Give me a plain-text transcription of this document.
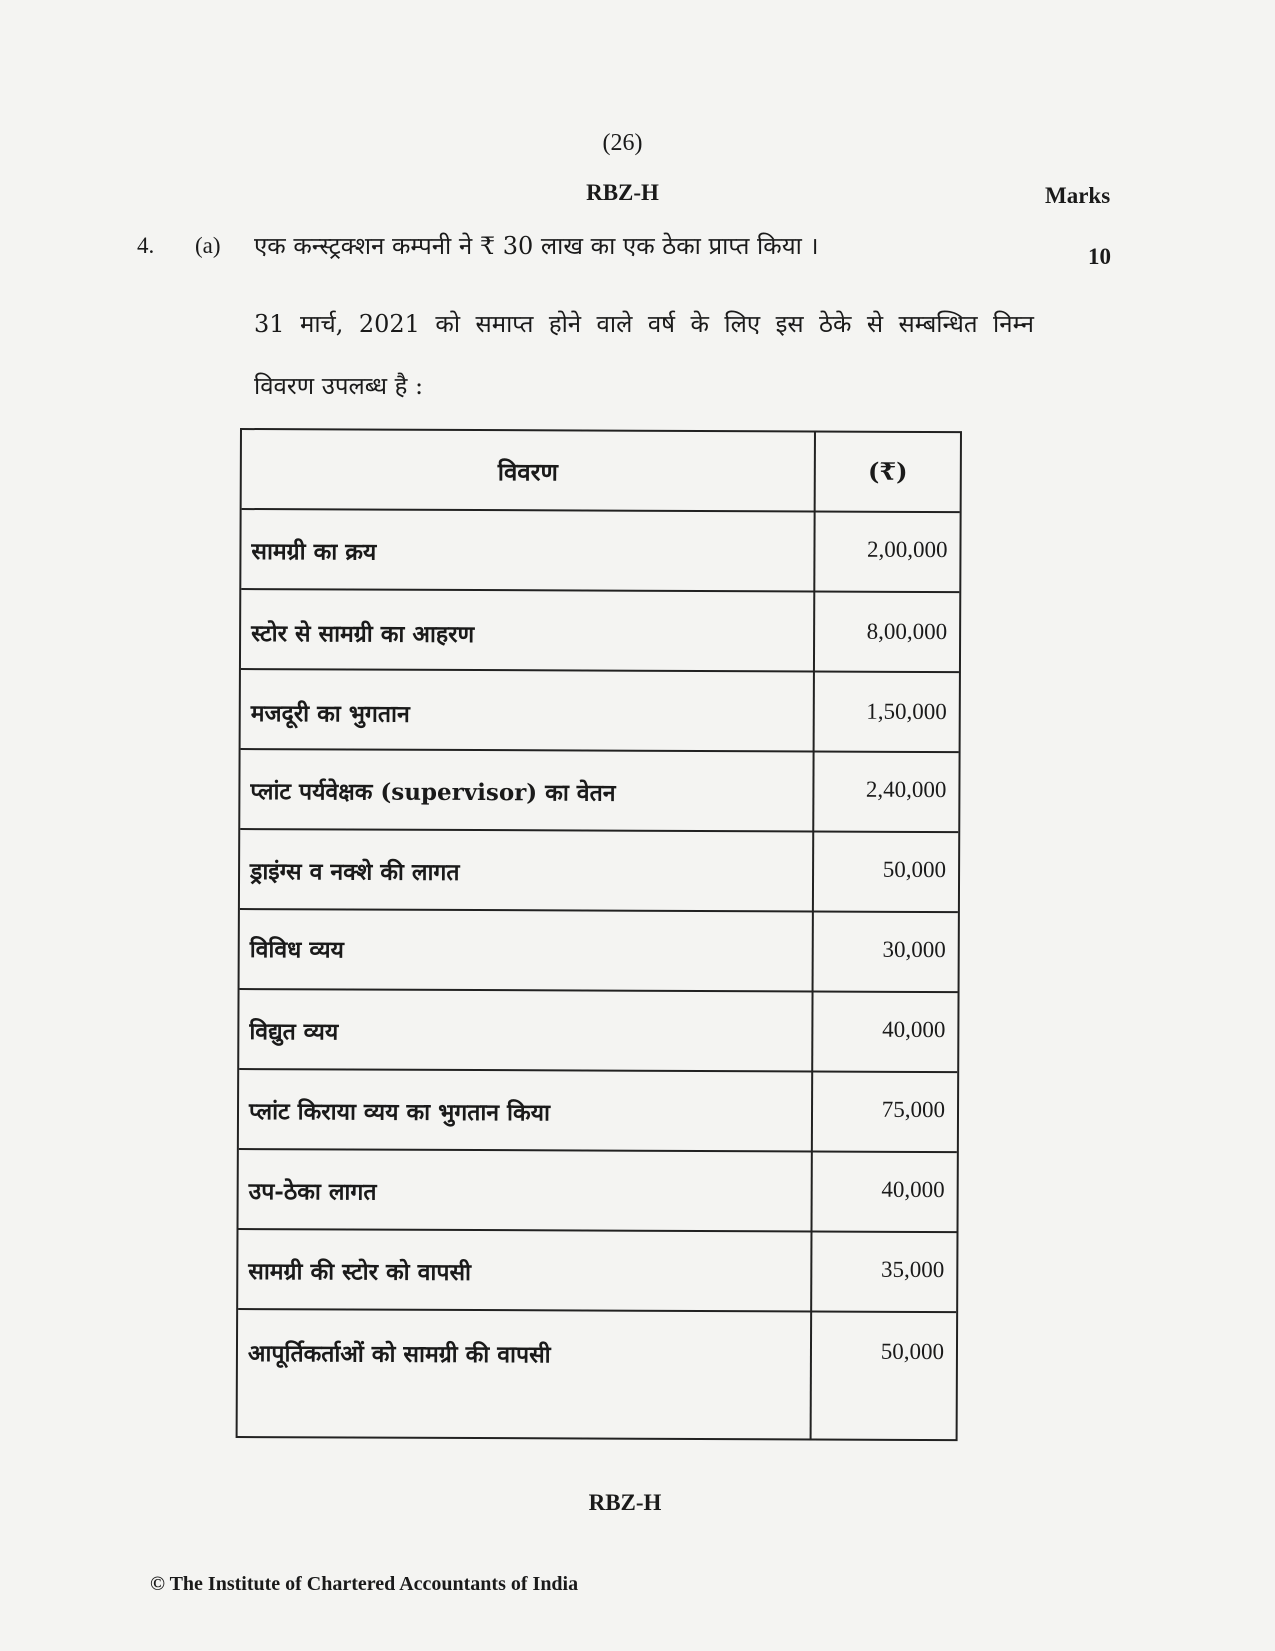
(26)
RBZ-H	Marks
10
4. (a) एक कन्स्ट्रक्शन कम्पनी ने ₹ 30 लाख का एक ठेका प्राप्त किया ।
31 मार्च, 2021 को समाप्त होने वाले वर्ष के लिए इस ठेके से सम्बन्धित निम्न
विवरण उपलब्ध है :
विवरण	(₹)
सामग्री का क्रय	2,00,000
स्टोर से सामग्री का आहरण	8,00,000
मजदूरी का भुगतान	1,50,000
प्लांट पर्यवेक्षक (supervisor) का वेतन	2,40,000
ड्राइंग्स व नक्शे की लागत	50,000
विविध व्यय	30,000
विद्युत व्यय	40,000
प्लांट किराया व्यय का भुगतान किया	75,000
उप-ठेका लागत	40,000
सामग्री की स्टोर को वापसी	35,000
आपूर्तिकर्ताओं को सामग्री की वापसी	50,000
RBZ-H
© The Institute of Chartered Accountants of India
